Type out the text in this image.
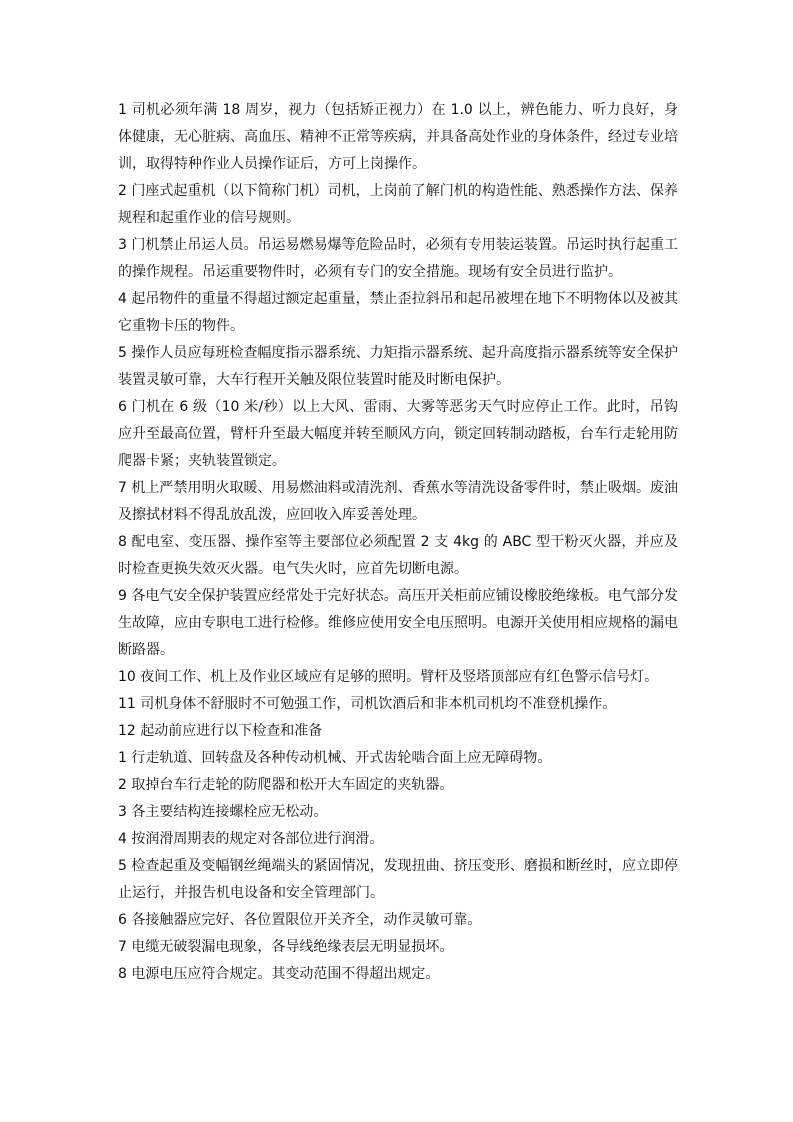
1 司机必须年满 18 周岁，视力（包括矫正视力）在 1.0 以上，辨色能力、听力良好，身体健康，无心脏病、高血压、精神不正常等疾病，并具备高处作业的身体条件，经过专业培训，取得特种作业人员操作证后，方可上岗操作。

2 门座式起重机（以下简称门机）司机，上岗前了解门机的构造性能、熟悉操作方法、保养规程和起重作业的信号规则。

3 门机禁止吊运人员。吊运易燃易爆等危险品时，必须有专用装运装置。吊运时执行起重工的操作规程。吊运重要物件时，必须有专门的安全措施。现场有安全员进行监护。

4 起吊物件的重量不得超过额定起重量，禁止歪拉斜吊和起吊被埋在地下不明物体以及被其它重物卡压的物件。

5 操作人员应每班检查幅度指示器系统、力矩指示器系统、起升高度指示器系统等安全保护装置灵敏可靠，大车行程开关触及限位装置时能及时断电保护。

6 门机在 6 级（10 米/秒）以上大风、雷雨、大雾等恶劣天气时应停止工作。此时，吊钩应升至最高位置，臂杆升至最大幅度并转至顺风方向，锁定回转制动踏板，台车行走轮用防爬器卡紧；夹轨装置锁定。

7 机上严禁用明火取暖、用易燃油料或清洗剂、香蕉水等清洗设备零件时，禁止吸烟。废油及擦拭材料不得乱放乱泼，应回收入库妥善处理。

8 配电室、变压器、操作室等主要部位必须配置 2 支 4kg 的 ABC 型干粉灭火器，并应及时检查更换失效灭火器。电气失火时，应首先切断电源。

9 各电气安全保护装置应经常处于完好状态。高压开关柜前应铺设橡胶绝缘板。电气部分发生故障，应由专职电工进行检修。维修应使用安全电压照明。电源开关使用相应规格的漏电断路器。

10 夜间工作、机上及作业区域应有足够的照明。臂杆及竖塔顶部应有红色警示信号灯。

11 司机身体不舒服时不可勉强工作，司机饮酒后和非本机司机均不准登机操作。

12 起动前应进行以下检查和准备

1 行走轨道、回转盘及各种传动机械、开式齿轮啮合面上应无障碍物。

2 取掉台车行走轮的防爬器和松开大车固定的夹轨器。

3 各主要结构连接螺栓应无松动。

4 按润滑周期表的规定对各部位进行润滑。

5 检查起重及变幅钢丝绳端头的紧固情况，发现扭曲、挤压变形、磨损和断丝时，应立即停止运行，并报告机电设备和安全管理部门。

6 各接触器应完好、各位置限位开关齐全，动作灵敏可靠。

7 电缆无破裂漏电现象，各导线绝缘表层无明显损坏。

8 电源电压应符合规定。其变动范围不得超出规定。
